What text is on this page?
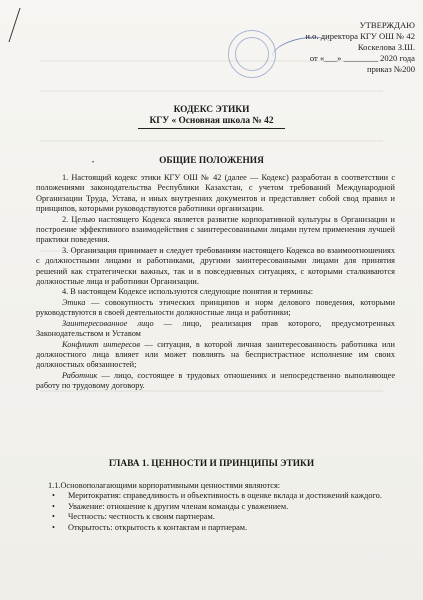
УТВЕРЖДАЮ
и.о. директора КГУ ОШ № 42
Коскелова З.Ш.
от «___» ________ 2020 года
приказ №200
КОДЕКС ЭТИКИ
КГУ « Основная школа № 42
ОБЩИЕ ПОЛОЖЕНИЯ
•

1. Настоящий кодекс этики КГУ ОШ № 42 (далее — Кодекс) разработан в соответствии с положениями законодательства Республики Казахстан, с учетом требований Международной Организации Труда, Устава, и иных внутренних документов и представляет собой свод правил и принципов, которыми руководствуются работники организации.

2. Целью настоящего Кодекса является развитие корпоративной культуры в Организации и построение эффективного взаимодействия с заинтересованными лицами путем применения лучшей практики поведения.

3. Организация принимает и следует требованиям настоящего Кодекса во взаимоотношениях с должностными лицами и работниками, другими заинтересованными лицами для принятия решений как стратегически важных, так и в повседневных ситуациях, с которыми сталкиваются должностные лица и работники Организации.

4. В настоящем Кодексе используются следующие понятия и термины:

Этика — совокупность этических принципов и норм делового поведения, которыми руководствуются в своей деятельности должностные лица и работники;

Заинтересованное лицо — лицо, реализация прав которого, предусмотренных Законодательством и Уставом

Конфликт интересов — ситуация, в которой личная заинтересованность работника или должностного лица влияет или может повлиять на беспристрастное исполнение им своих должностных обязанностей;

Работник — лицо, состоящее в трудовых отношениях и непосредственно выполняющее работу по трудовому договору.

ГЛАВА 1. ЦЕННОСТИ И ПРИНЦИПЫ ЭТИКИ

1.1.Основополагающими корпоративными ценностями являются:

• Меритократия: справедливость и объективность в оценке вклада и достижений каждого.
• Уважение: отношение к другим членам команды с уважением.
• Честность: честность к своим партнерам.
• Открытость: открытость к контактам и партнерам.
